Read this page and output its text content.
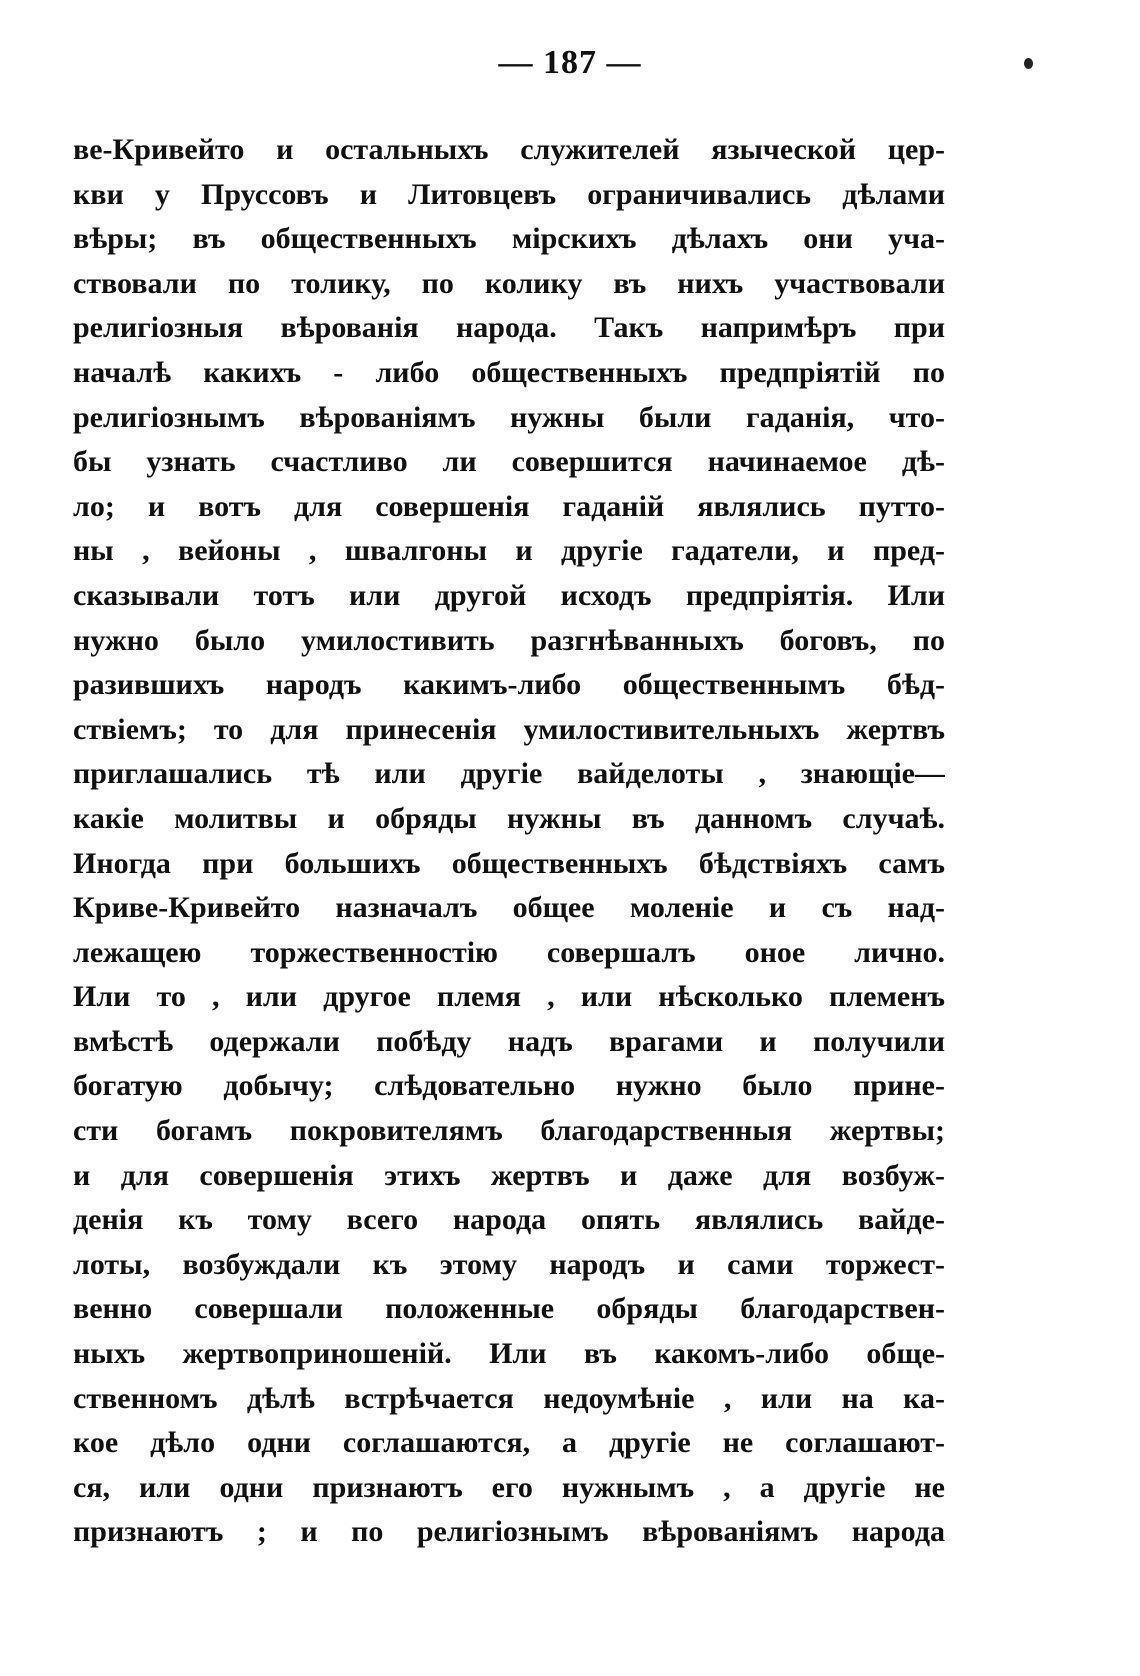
— 187 —
ве-Кривейто и остальныхъ служителей языческой цер-
кви у Пруссовъ и Литовцевъ ограничивались дѣлами
вѣры; въ общественныхъ мірскихъ дѣлахъ они уча-
ствовали по толику, по колику въ нихъ участвовали
религіозныя вѣрованія народа. Такъ напримѣръ при
началѣ какихъ - либо общественныхъ предпріятій по
религіознымъ вѣрованіямъ нужны были гаданія, что-
бы узнать счастливо ли совершится начинаемое дѣ-
ло; и вотъ для совершенія гаданій являлись путто-
ны , вейоны , швалгоны и другіе гадатели, и пред-
сказывали тотъ или другой исходъ предпріятія. Или
нужно было умилостивить разгнѣванныхъ боговъ, по
разившихъ народъ какимъ-либо общественнымъ бѣд-
ствіемъ; то для принесенія умилостивительныхъ жертвъ
приглашались тѣ или другіе вайделоты , знающіе—
какіе молитвы и обряды нужны въ данномъ случаѣ.
Иногда при большихъ общественныхъ бѣдствіяхъ самъ
Криве-Кривейто назначалъ общее моленіе и съ над-
лежащею торжественностію совершалъ оное лично.
Или то , или другое племя , или нѣсколько племенъ
вмѣстѣ одержали побѣду надъ врагами и получили
богатую добычу; слѣдовательно нужно было прине-
сти богамъ покровителямъ благодарственныя жертвы;
и для совершенія этихъ жертвъ и даже для возбуж-
денія къ тому всего народа опять являлись вайде-
лоты, возбуждали къ этому народъ и сами торжест-
венно совершали положенные обряды благодарствен-
ныхъ жертвоприношеній. Или въ какомъ-либо обще-
ственномъ дѣлѣ встрѣчается недоумѣніе , или на ка-
кое дѣло одни соглашаются, а другіе не соглашают-
ся, или одни признаютъ его нужнымъ , а другіе не
признаютъ ; и по религіознымъ вѣрованіямъ народа
